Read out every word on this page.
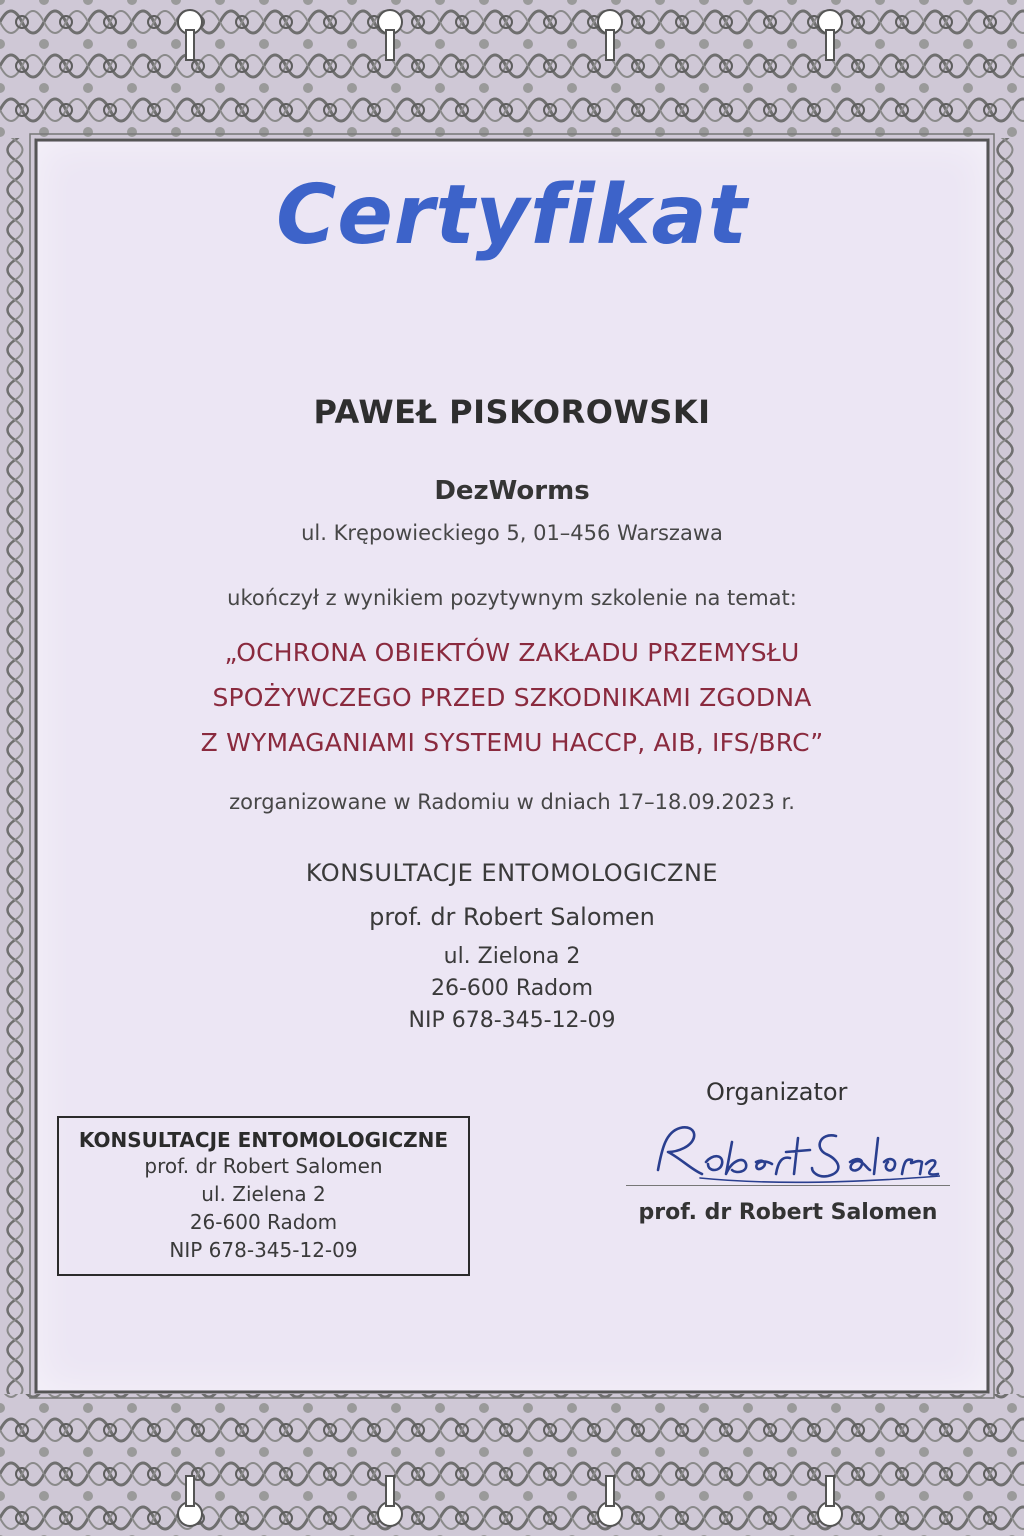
Certyfikat
PAWEŁ PISKOROWSKI
DezWorms
ul. Krępowieckiego 5, 01–456 Warszawa
ukończył z wynikiem pozytywnym szkolenie na temat:
„OCHRONA OBIEKTÓW ZAKŁADU PRZEMYSŁU
SPOŻYWCZEGO PRZED SZKODNIKAMI ZGODNA
Z WYMAGANIAMI SYSTEMU HACCP, AIB, IFS/BRC”
zorganizowane w Radomiu w dniach 17–18.09.2023 r.
KONSULTACJE ENTOMOLOGICZNE
prof. dr Robert Salomen
ul. Zielona 2
26-600 Radom
NIP 678-345-12-09
KONSULTACJE ENTOMOLOGICZNE
prof. dr Robert Salomen
ul. Zielena 2
26-600 Radom
NIP 678-345-12-09
Organizator
prof. dr Robert Salomen
